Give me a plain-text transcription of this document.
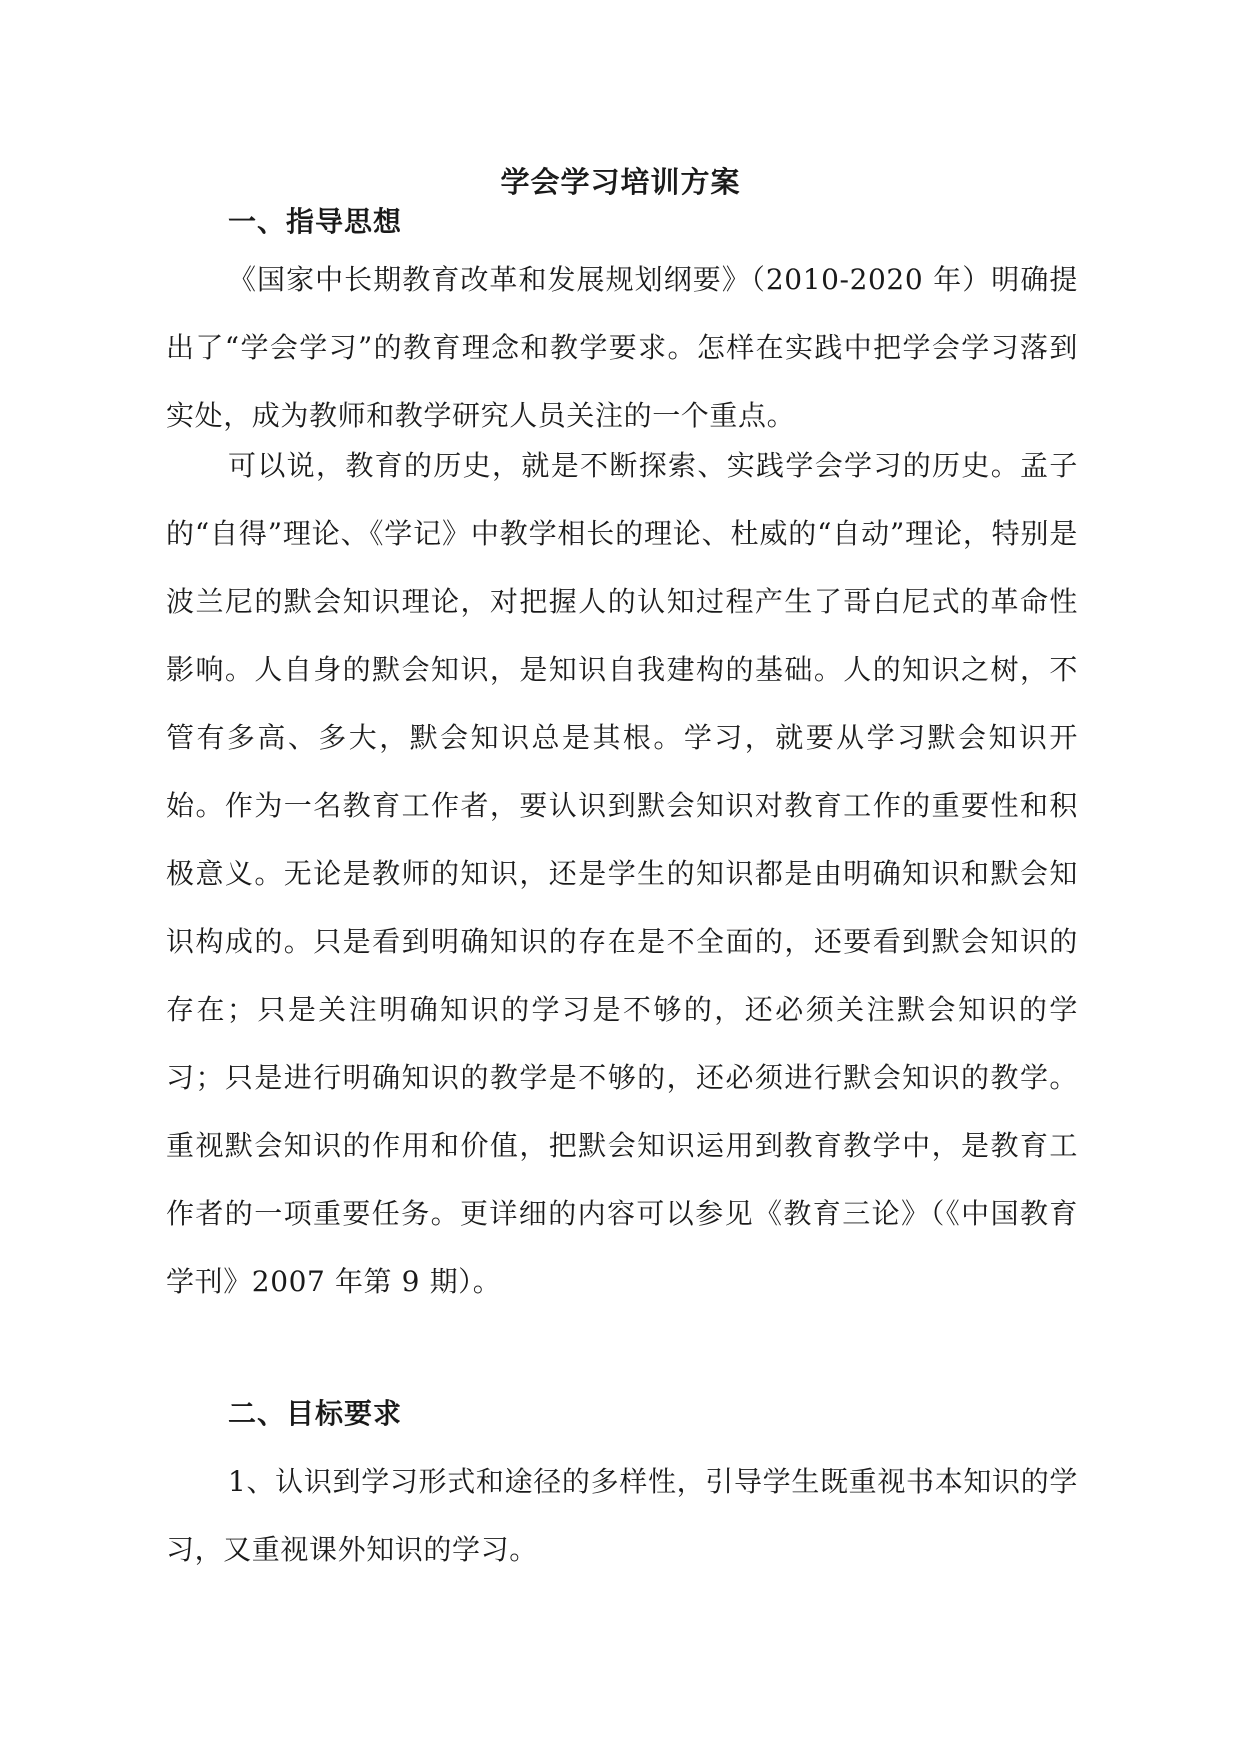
学会学习培训方案
一、指导思想

《国家中长期教育改革和发展规划纲要》（2010-2020 年）明确提出了“学会学习”的教育理念和教学要求。怎样在实践中把学会学习落到实处，成为教师和教学研究人员关注的一个重点。

可以说，教育的历史，就是不断探索、实践学会学习的历史。孟子的“自得”理论、《学记》中教学相长的理论、杜威的“自动”理论，特别是波兰尼的默会知识理论，对把握人的认知过程产生了哥白尼式的革命性影响。人自身的默会知识，是知识自我建构的基础。人的知识之树，不管有多高、多大，默会知识总是其根。学习，就要从学习默会知识开始。作为一名教育工作者，要认识到默会知识对教育工作的重要性和积极意义。无论是教师的知识，还是学生的知识都是由明确知识和默会知识构成的。只是看到明确知识的存在是不全面的，还要看到默会知识的存在；只是关注明确知识的学习是不够的，还必须关注默会知识的学习；只是进行明确知识的教学是不够的，还必须进行默会知识的教学。重视默会知识的作用和价值，把默会知识运用到教育教学中，是教育工作者的一项重要任务。更详细的内容可以参见《教育三论》（《中国教育学刊》2007 年第 9 期）。

二、目标要求

1、认识到学习形式和途径的多样性，引导学生既重视书本知识的学习，又重视课外知识的学习。
